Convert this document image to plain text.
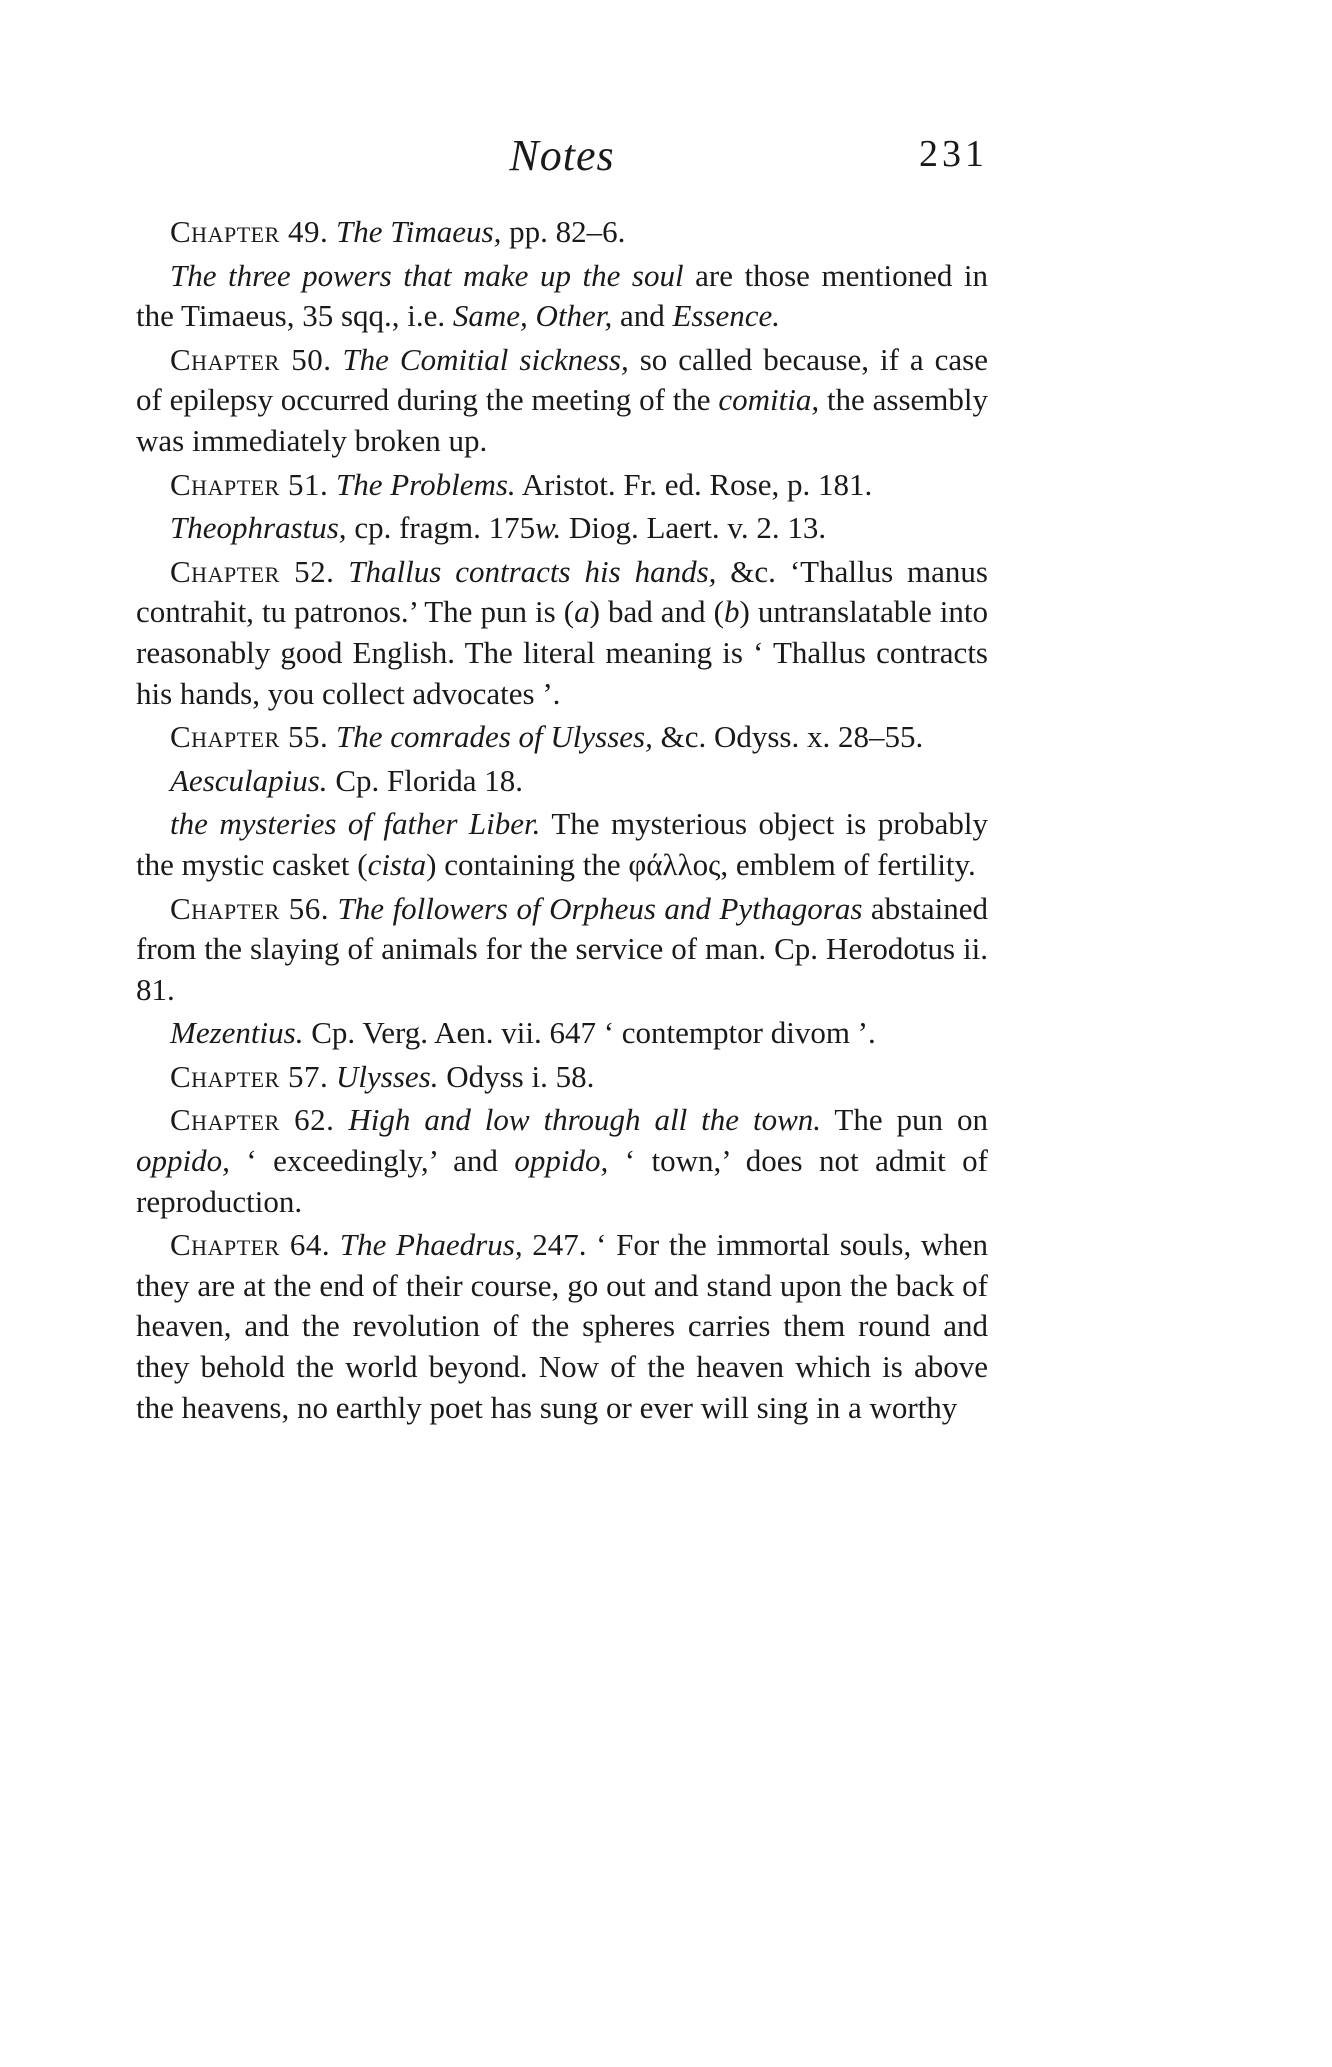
Notes	231

Chapter 49. The Timaeus, pp. 82–6.

The three powers that make up the soul are those mentioned in the Timaeus, 35 sqq., i.e. Same, Other, and Essence.

Chapter 50. The Comitial sickness, so called because, if a case of epilepsy occurred during the meeting of the comitia, the assembly was immediately broken up.

Chapter 51. The Problems. Aristot. Fr. ed. Rose, p. 181.

Theophrastus, cp. fragm. 175w. Diog. Laert. v. 2. 13.

Chapter 52. Thallus contracts his hands, &c. ‘Thallus manus contrahit, tu patronos.’ The pun is (a) bad and (b) untranslatable into reasonably good English. The literal meaning is ‘ Thallus contracts his hands, you collect advocates ’.

Chapter 55. The comrades of Ulysses, &c. Odyss. x. 28–55.

Aesculapius. Cp. Florida 18.

the mysteries of father Liber. The mysterious object is probably the mystic casket (cista) containing the φάλλος, emblem of fertility.

Chapter 56. The followers of Orpheus and Pythagoras abstained from the slaying of animals for the service of man. Cp. Herodotus ii. 81.

Mezentius. Cp. Verg. Aen. vii. 647 ‘ contemptor divom ’.

Chapter 57. Ulysses. Odyss i. 58.

Chapter 62. High and low through all the town. The pun on oppido, ‘ exceedingly,’ and oppido, ‘ town,’ does not admit of reproduction.

Chapter 64. The Phaedrus, 247. ‘ For the immortal souls, when they are at the end of their course, go out and stand upon the back of heaven, and the revolution of the spheres carries them round and they behold the world beyond. Now of the heaven which is above the heavens, no earthly poet has sung or ever will sing in a worthy
